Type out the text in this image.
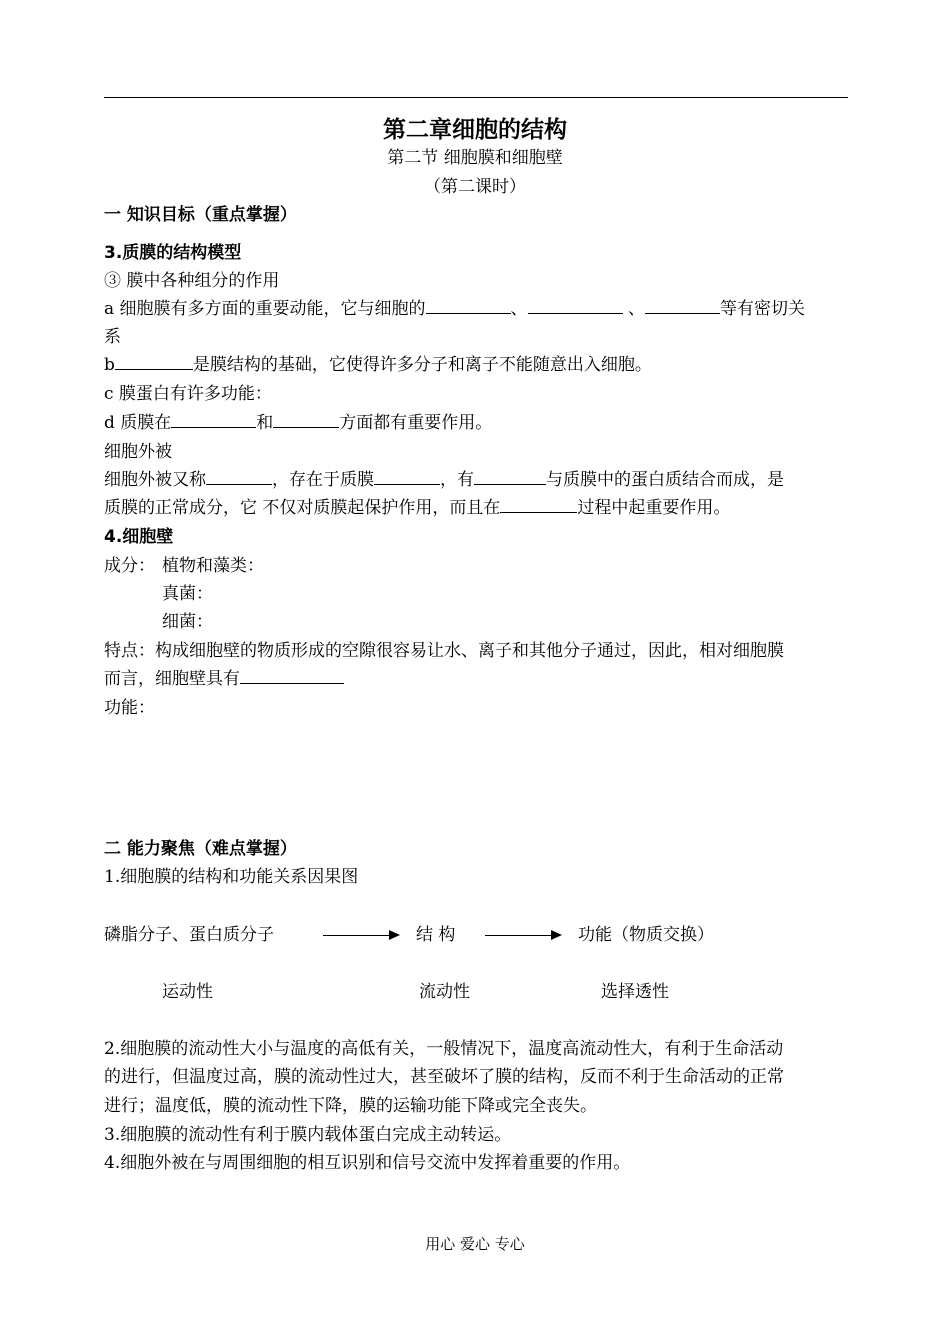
第二章细胞的结构
第二节 细胞膜和细胞壁
（第二课时）
一 知识目标（重点掌握）
3.质膜的结构模型
③ 膜中各种组分的作用
a 细胞膜有多方面的重要动能，它与细胞的	、	、	等有密切关
系
b	是膜结构的基础，它使得许多分子和离子不能随意出入细胞。
c 膜蛋白有许多功能：
d 质膜在	和	方面都有重要作用。
细胞外被
细胞外被又称	，存在于质膜	，有	与质膜中的蛋白质结合而成，是
质膜的正常成分，它 不仅对质膜起保护作用，而且在	过程中起重要作用。
4.细胞壁
成分： 植物和藻类：
真菌：
细菌：
特点：构成细胞壁的物质形成的空隙很容易让水、离子和其他分子通过，因此，相对细胞膜
而言，细胞壁具有
功能：
二 能力聚焦（难点掌握）
1.细胞膜的结构和功能关系因果图
磷脂分子、蛋白质分子	结 构	功能（物质交换）
运动性	流动性	选择透性
2.细胞膜的流动性大小与温度的高低有关，一般情况下，温度高流动性大，有利于生命活动
的进行，但温度过高，膜的流动性过大，甚至破坏了膜的结构，反而不利于生命活动的正常
进行；温度低，膜的流动性下降，膜的运输功能下降或完全丧失。
3.细胞膜的流动性有利于膜内载体蛋白完成主动转运。
4.细胞外被在与周围细胞的相互识别和信号交流中发挥着重要的作用。
用心 爱心 专心
